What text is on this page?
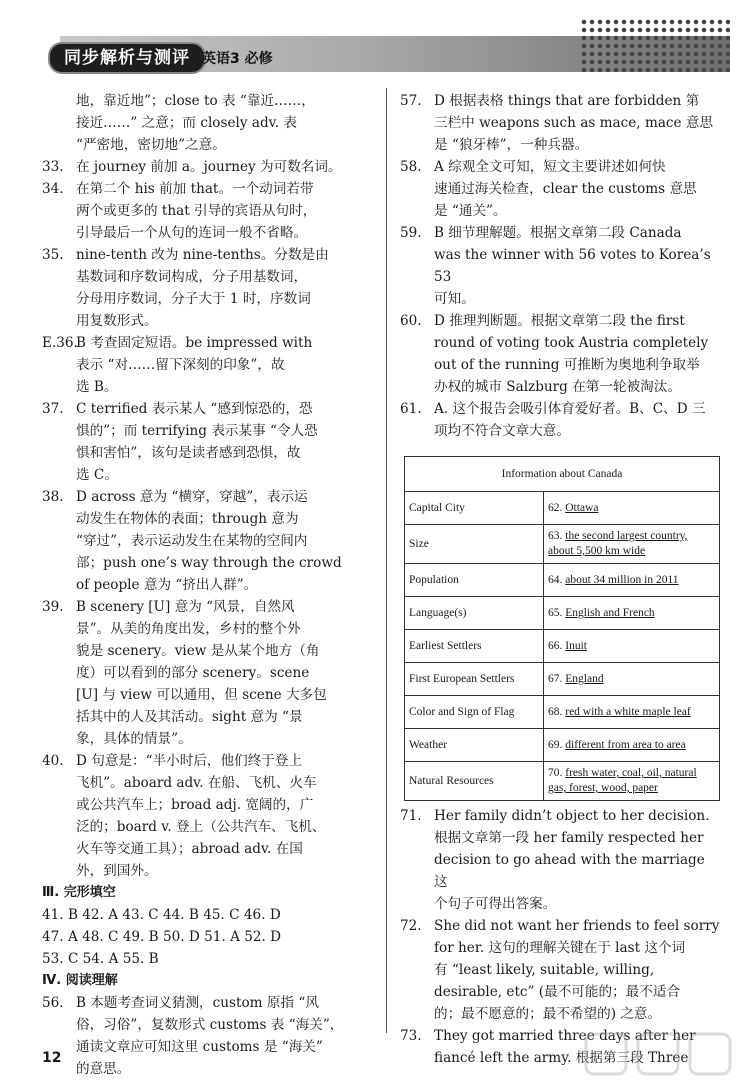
同步解析与测评 英语3 必修
地，靠近地”；close to 表 “靠近……，
接近……” 之意；而 closely adv. 表
“严密地，密切地”之意。
33. 在 journey 前加 a。journey 为可数名词。
34. 在第二个 his 前加 that。一个动词若带
两个或更多的 that 引导的宾语从句时，
引导最后一个从句的连词一般不省略。
35. nine-tenth 改为 nine-tenths。分数是由
基数词和序数词构成，分子用基数词，
分母用序数词，分子大于 1 时，序数词
用复数形式。
E.36.
B 考查固定短语。be impressed with
表示 “对……留下深刻的印象”，故
选 B。
37. C terrified 表示某人 “感到惊恐的，恐
惧的”；而 terrifying 表示某事 “令人恐
惧和害怕”，该句是读者感到恐惧，故
选 C。
38. D across 意为 “横穿，穿越”，表示运
动发生在物体的表面；through 意为
“穿过”，表示运动发生在某物的空间内
部；push one’s way through the crowd
of people 意为 “挤出人群”。
39. B scenery [U] 意为 “风景，自然风
景”。从美的角度出发，乡村的整个外
貌是 scenery。view 是从某个地方（角
度）可以看到的部分 scenery。scene
[U] 与 view 可以通用，但 scene 大多包
括其中的人及其活动。sight 意为 “景
象，具体的情景”。
40. D 句意是：“半小时后，他们终于登上
飞机”。aboard adv. 在船、飞机、火车
或公共汽车上；broad adj. 宽阔的，广
泛的；board v. 登上（公共汽车、飞机、
火车等交通工具）；abroad adv. 在国
外，到国外。
Ⅲ. 完形填空
41. B 42. A 43. C 44. B 45. C 46. D
47. A 48. C 49. B 50. D 51. A 52. D
53. C 54. A 55. B
Ⅳ. 阅读理解
56. B 本题考查词义猜测，custom 原指 “风
俗，习俗”，复数形式 customs 表 “海关”，
通读文章应可知这里 customs 是 “海关”
的意思。
57. D 根据表格 things that are forbidden 第
三栏中 weapons such as mace, mace 意思
是 “狼牙棒”，一种兵器。
58. A 综观全文可知，短文主要讲述如何快
速通过海关检查，clear the customs 意思
是 “通关”。
59. B 细节理解题。根据文章第二段 Canada
was the winner with 56 votes to Korea’s 53
可知。
60. D 推理判断题。根据文章第二段 the first
round of voting took Austria completely
out of the running 可推断为奥地利争取举
办权的城市 Salzburg 在第一轮被淘汰。
61. A. 这个报告会吸引体育爱好者。B、C、D 三
项均不符合文章大意。
Information about Canada	
Capital City	62. Ottawa
Size	63. the second largest country, about 5,500 km wide
Population	64. about 34 million in 2011
Language(s)	65. English and French
Earliest Settlers	66. Inuit
First European Settlers	67. England
Color and Sign of Flag	68. red with a white maple leaf
Weather	69. different from area to area
Natural Resources	70. fresh water, coal, oil, natural gas, forest, wood, paper
71. Her family didn’t object to her decision.
根据文章第一段 her family respected her
decision to go ahead with the marriage 这
个句子可得出答案。
72. She did not want her friends to feel sorry
for her. 这句的理解关键在于 last 这个词
有 “least likely, suitable, willing,
desirable, etc” (最不可能的；最不适合
的；最不愿意的；最不希望的) 之意。
73. They got married three days after her
fiancé left the army. 根据第三段 Three
12
